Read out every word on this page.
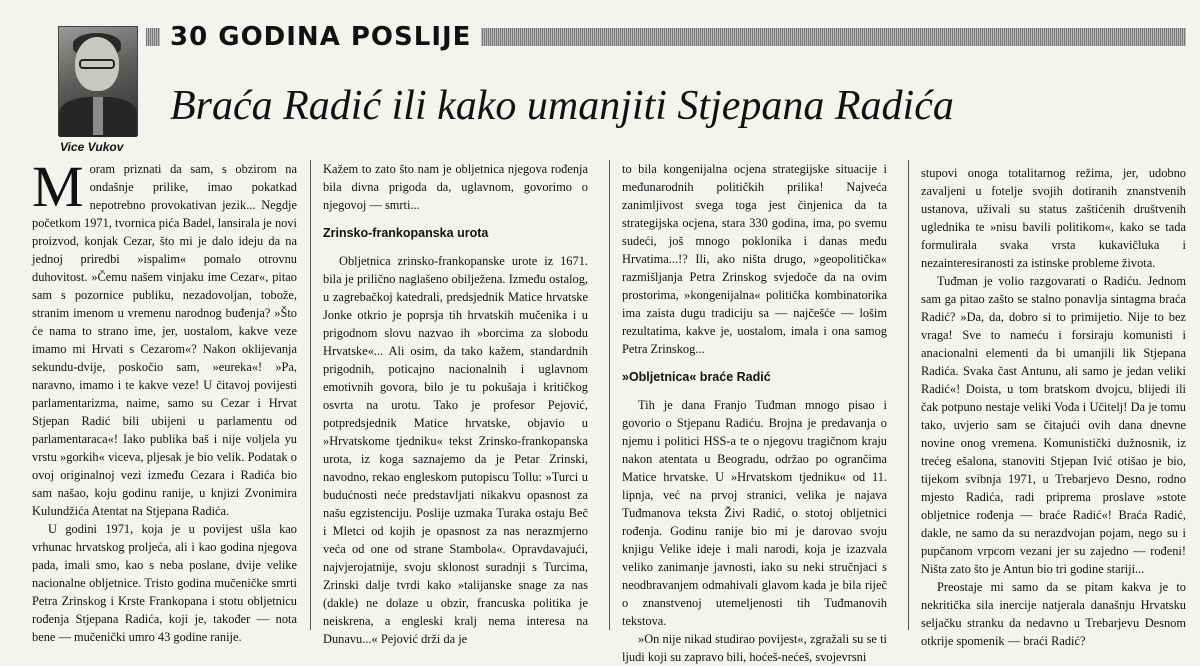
Vice Vukov
30 GODINA POSLIJE
Braća Radić ili kako umanjiti Stjepana Radića

Moram priznati da sam, s obzirom na ondašnje prilike, imao pokatkad nepotrebno provokativan jezik... Negdje početkom 1971, tvornica pića Badel, lansirala je novi proizvod, konjak Cezar, što mi je dalo ideju da na jednoj priredbi »ispalim« pomalo otrovnu duhovitost. »Čemu našem vinjaku ime Cezar«, pitao sam s pozornice publiku, nezadovoljan, tobože, stranim imenom u vremenu narodnog buđenja? »Što će nama to strano ime, jer, uostalom, kakve veze imamo mi Hrvati s Cezarom«? Nakon oklijevanja sekundu-dvije, poskočio sam, »eureka«! »Pa, naravno, imamo i te kakve veze! U čitavoj povijesti parlamentarizma, naime, samo su Cezar i Hrvat Stjepan Radić bili ubijeni u parlamentu od parlamentaraca«! Iako publika baš i nije voljela yu vrstu »gorkih« viceva, pljesak je bio velik. Podatak o ovoj originalnoj vezi između Cezara i Radića bio sam našao, koju godinu ranije, u knjizi Zvonimira Kulundžića Atentat na Stjepana Radića.

U godini 1971, koja je u povijest ušla kao vrhunac hrvatskog proljeća, ali i kao godina njegova pada, imali smo, kao s neba poslane, dvije velike nacionalne obljetnice. Tristo godina mučeničke smrti Petra Zrinskog i Krste Frankopana i stotu obljetnicu rođenja Stjepana Radića, koji je, također — nota bene — mučenički umro 43 godine ranije.

Kažem to zato što nam je obljetnica njegova rođenja bila divna prigoda da, uglavnom, govorimo o njegovoj — smrti...

Zrinsko-frankopanska urota

Obljetnica zrinsko-frankopanske urote iz 1671. bila je prilično naglašeno obilježena. Između ostalog, u zagrebačkoj katedrali, predsjednik Matice hrvatske Jonke otkrio je poprsja tih hrvatskih mučenika i u prigodnom slovu nazvao ih »borcima za slobodu Hrvatske«... Ali osim, da tako kažem, standardnih prigodnih, poticajno nacionalnih i uglavnom emotivnih govora, bilo je tu pokušaja i kritičkog osvrta na urotu. Tako je profesor Pejović, potpredsjednik Matice hrvatske, objavio u »Hrvatskome tjedniku« tekst Zrinsko-frankopanska urota, iz koga saznajemo da je Petar Zrinski, navodno, rekao engleskom putopiscu Tollu: »Turci u budućnosti neće predstavljati nikakvu opasnost za našu egzistenciju. Poslije uzmaka Turaka ostaju Beč i Mletci od kojih je opasnost za nas nerazmjerno veća od one od strane Stambola«. Opravdavajući, najvjerojatnije, svoju sklonost suradnji s Turcima, Zrinski dalje tvrdi kako »talijanske snage za nas (dakle) ne dolaze u obzir, francuska politika je neiskrena, a engleski kralj nema interesa na Dunavu...« Pejović drži da je

to bila kongenijalna ocjena strategijske situacije i međunarodnih političkih prilika! Najveća zanimljivost svega toga jest činjenica da ta strategijska ocjena, stara 330 godina, ima, po svemu sudeći, još mnogo poklonika i danas među Hrvatima...!? Ili, ako ništa drugo, »geopolitička« razmišljanja Petra Zrinskog svjedoče da na ovim prostorima, »kongenijalna« politička kombinatorika ima zaista dugu tradiciju sa — najčešće — lošim rezultatima, kakve je, uostalom, imala i ona samog Petra Zrinskog...

»Obljetnica« braće Radić

Tih je dana Franjo Tuđman mnogo pisao i govorio o Stjepanu Radiću. Brojna je predavanja o njemu i politici HSS-a te o njegovu tragičnom kraju nakon atentata u Beogradu, održao po ogrančima Matice hrvatske. U »Hrvatskom tjedniku« od 11. lipnja, već na prvoj stranici, velika je najava Tuđmanova teksta Živi Radić, o stotoj obljetnici rođenja. Godinu ranije bio mi je darovao svoju knjigu Velike ideje i mali narodi, koja je izazvala veliko zanimanje javnosti, iako su neki stručnjaci s neodbravanjem odmahivali glavom kada je bila riječ o znanstvenoj utemeljenosti tih Tuđmanovih tekstova.

»On nije nikad studirao povijest«, zgražali su se ti ljudi koji su zapravo bili, hoćeš-nećeš, svojevrsni

stupovi onoga totalitarnog režima, jer, udobno zavaljeni u fotelje svojih dotiranih znanstvenih ustanova, uživali su status zaštićenih društvenih uglednika te »nisu bavili politikom«, kako se tada formulirala svaka vrsta kukavičluka i nezainteresiranosti za istinske probleme života.

Tuđman je volio razgovarati o Radiću. Jednom sam ga pitao zašto se stalno ponavlja sintagma braća Radić? »Da, da, dobro si to primijetio. Nije to bez vraga! Sve to nameću i forsiraju komunisti i anacionalni elementi da bi umanjili lik Stjepana Radića. Svaka čast Antunu, ali samo je jedan veliki Radić«! Doista, u tom bratskom dvojcu, blijedi ili čak potpuno nestaje veliki Vođa i Učitelj! Da je tomu tako, uvjerio sam se čitajući ovih dana dnevne novine onog vremena. Komunistički dužnosnik, iz trećeg ešalona, stanoviti Stjepan Ivić otišao je bio, tijekom svibnja 1971, u Trebarjevo Desno, rodno mjesto Radića, radi priprema proslave »stote obljetnice rođenja — braće Radić«! Braća Radić, dakle, ne samo da su nerazdvojan pojam, nego su i pupčanom vrpcom vezani jer su zajedno — rođeni! Ništa zato što je Antun bio tri godine stariji...

Preostaje mi samo da se pitam kakva je to nekritička sila inercije natjerala današnju Hrvatsku seljačku stranku da nedavno u Trebarjevu Desnom otkrije spomenik — braći Radić?
